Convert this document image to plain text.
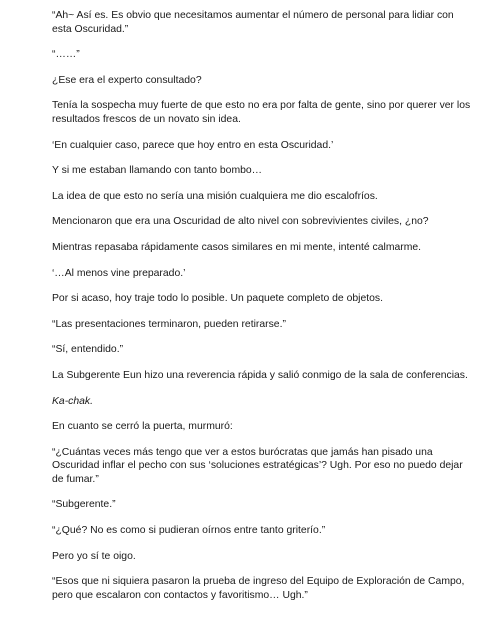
“Ah~ Así es. Es obvio que necesitamos aumentar el número de personal para lidiar con esta Oscuridad.”

“……”

¿Ese era el experto consultado?

Tenía la sospecha muy fuerte de que esto no era por falta de gente, sino por querer ver los resultados frescos de un novato sin idea.

‘En cualquier caso, parece que hoy entro en esta Oscuridad.’

Y si me estaban llamando con tanto bombo…

La idea de que esto no sería una misión cualquiera me dio escalofríos.

Mencionaron que era una Oscuridad de alto nivel con sobrevivientes civiles, ¿no?

Mientras repasaba rápidamente casos similares en mi mente, intenté calmarme.

‘…Al menos vine preparado.’

Por si acaso, hoy traje todo lo posible. Un paquete completo de objetos.

“Las presentaciones terminaron, pueden retirarse.”

“Sí, entendido.”

La Subgerente Eun hizo una reverencia rápida y salió conmigo de la sala de conferencias.

Ka-chak.

En cuanto se cerró la puerta, murmuró:

“¿Cuántas veces más tengo que ver a estos burócratas que jamás han pisado una Oscuridad inflar el pecho con sus ‘soluciones estratégicas’? Ugh. Por eso no puedo dejar de fumar.”

“Subgerente.”

“¿Qué? No es como si pudieran oírnos entre tanto griterío.”

Pero yo sí te oigo.

“Esos que ni siquiera pasaron la prueba de ingreso del Equipo de Exploración de Campo, pero que escalaron con contactos y favoritismo… Ugh.”
